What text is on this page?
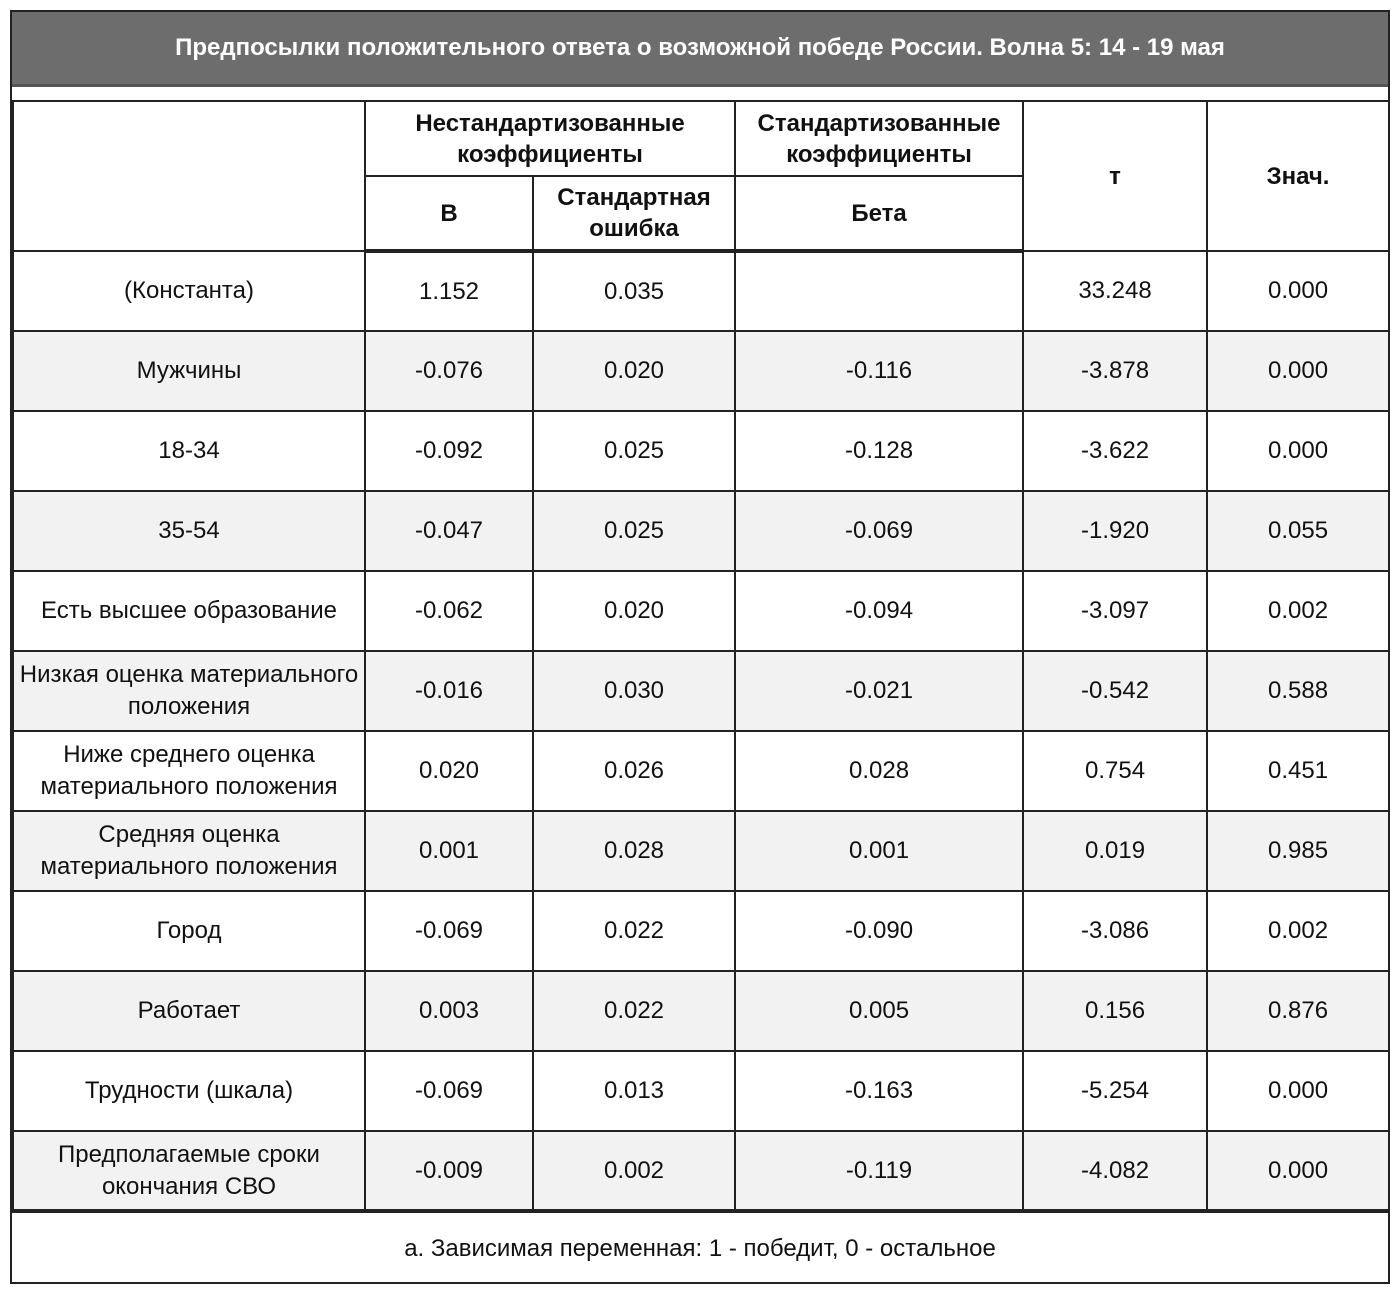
Предпосылки положительного ответа о возможной победе России. Волна 5: 14 - 19 мая
	Нестандартизованные коэффициенты		Стандартизованные коэффициенты	т	Знач.
	B	Стандартная ошибка	Бета		
(Константа)	1.152	0.035		33.248	0.000
Мужчины	-0.076	0.020	-0.116	-3.878	0.000
18-34	-0.092	0.025	-0.128	-3.622	0.000
35-54	-0.047	0.025	-0.069	-1.920	0.055
Есть высшее образование	-0.062	0.020	-0.094	-3.097	0.002
Низкая оценка материального положения	-0.016	0.030	-0.021	-0.542	0.588
Ниже среднего оценка материального положения	0.020	0.026	0.028	0.754	0.451
Средняя оценка материального положения	0.001	0.028	0.001	0.019	0.985
Город	-0.069	0.022	-0.090	-3.086	0.002
Работает	0.003	0.022	0.005	0.156	0.876
Трудности (шкала)	-0.069	0.013	-0.163	-5.254	0.000
Предполагаемые сроки окончания СВО	-0.009	0.002	-0.119	-4.082	0.000
a. Зависимая переменная: 1 - победит, 0 - остальное
